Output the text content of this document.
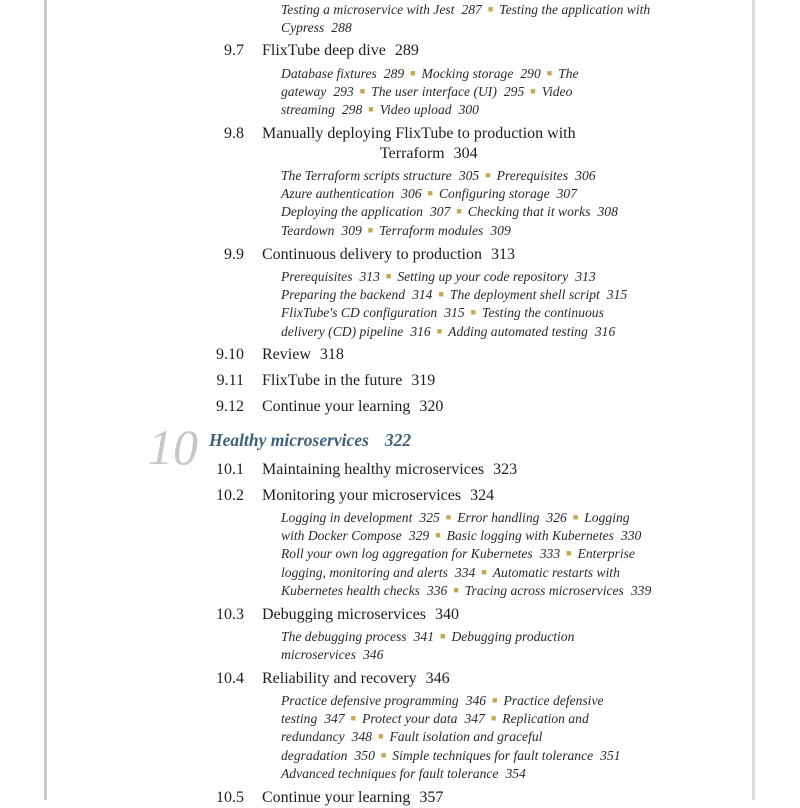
10 Healthy microservices 322
Testing a microservice with Jest 287 ■ Testing the application with
Cypress 288
9.7 FlixTube deep dive 289
Database fixtures 289 ■ Mocking storage 290 ■ The
gateway 293 ■ The user interface (UI) 295 ■ Video
streaming 298 ■ Video upload 300
9.8 Manually deploying FlixTube to production with
Terraform 304
The Terraform scripts structure 305 ■ Prerequisites 306
Azure authentication 306 ■ Configuring storage 307
Deploying the application 307 ■ Checking that it works 308
Teardown 309 ■ Terraform modules 309
9.9 Continuous delivery to production 313
Prerequisites 313 ■ Setting up your code repository 313
Preparing the backend 314 ■ The deployment shell script 315
FlixTube's CD configuration 315 ■ Testing the continuous
delivery (CD) pipeline 316 ■ Adding automated testing 316
9.10 Review 318
9.11 FlixTube in the future 319
9.12 Continue your learning 320
10.1 Maintaining healthy microservices 323
10.2 Monitoring your microservices 324
Logging in development 325 ■ Error handling 326 ■ Logging
with Docker Compose 329 ■ Basic logging with Kubernetes 330
Roll your own log aggregation for Kubernetes 333 ■ Enterprise
logging, monitoring and alerts 334 ■ Automatic restarts with
Kubernetes health checks 336 ■ Tracing across microservices 339
10.3 Debugging microservices 340
The debugging process 341 ■ Debugging production
microservices 346
10.4 Reliability and recovery 346
Practice defensive programming 346 ■ Practice defensive
testing 347 ■ Protect your data 347 ■ Replication and
redundancy 348 ■ Fault isolation and graceful
degradation 350 ■ Simple techniques for fault tolerance 351
Advanced techniques for fault tolerance 354
10.5 Continue your learning 357
